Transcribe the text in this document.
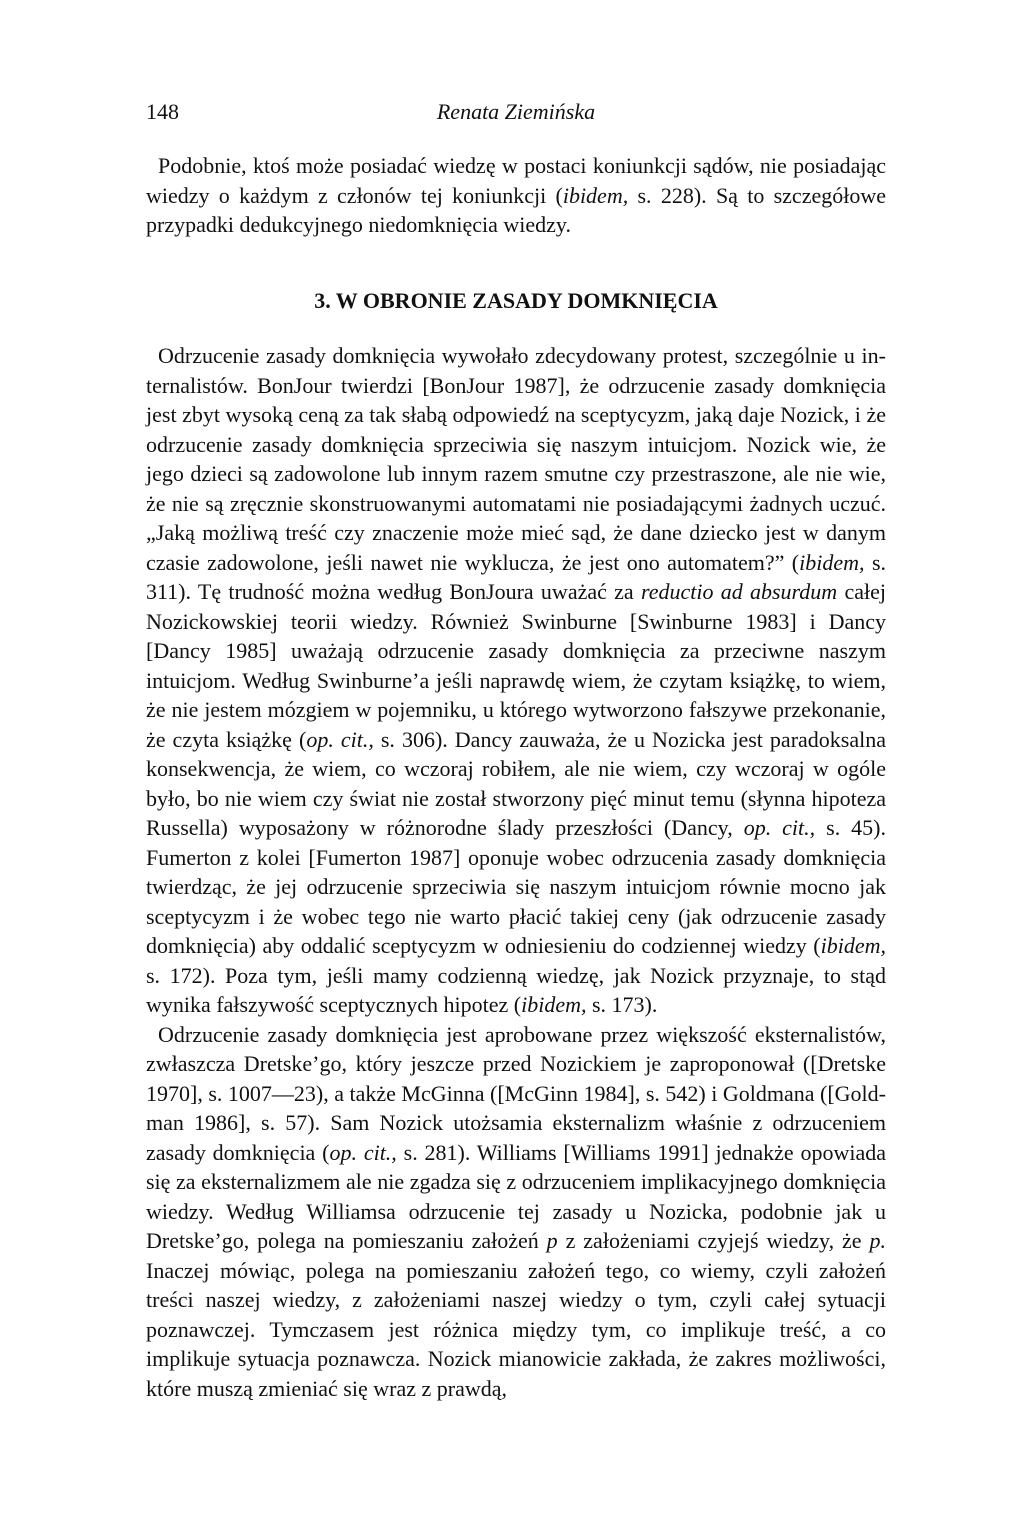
148	Renata Ziemińska

Podobnie, ktoś może posiadać wiedzę w postaci koniunkcji sądów, nie posiadając wiedzy o każdym z członów tej koniunkcji (ibidem, s. 228). Są to szczegółowe przypadki dedukcyjnego niedomknięcia wiedzy.

3. W OBRONIE ZASADY DOMKNIĘCIA

Odrzucenie zasady domknięcia wywołało zdecydowany protest, szczególnie u internalistów. BonJour twierdzi [BonJour 1987], że odrzucenie zasady domknięcia jest zbyt wysoką ceną za tak słabą odpowiedź na sceptycyzm, jaką daje Nozick, i że odrzucenie zasady domknięcia sprzeciwia się naszym intuicjom. Nozick wie, że jego dzieci są zadowolone lub innym razem smutne czy przestraszone, ale nie wie, że nie są zręcznie skonstruowanymi automatami nie posiadającymi żadnych uczuć. „Jaką możliwą treść czy znaczenie może mieć sąd, że dane dziecko jest w danym czasie zadowolone, jeśli nawet nie wyklucza, że jest ono automatem?” (ibidem, s. 311). Tę trudność można według BonJoura uważać za reductio ad absurdum całej Nozickowskiej teorii wiedzy. Również Swinburne [Swinburne 1983] i Dancy [Dancy 1985] uważają odrzucenie zasady domknięcia za przeciwne naszym intuicjom. Według Swinburne’a jeśli naprawdę wiem, że czytam książkę, to wiem, że nie jestem mózgiem w pojemniku, u którego wytworzono fałszywe przekonanie, że czyta książkę (op. cit., s. 306). Dancy zauważa, że u Nozicka jest paradoksalna konsekwencja, że wiem, co wczoraj robiłem, ale nie wiem, czy wczoraj w ogóle było, bo nie wiem czy świat nie został stworzony pięć minut temu (słynna hipoteza Russella) wyposażony w różnorodne ślady przeszłości (Dancy, op. cit., s. 45). Fumerton z kolei [Fumerton 1987] oponuje wobec odrzucenia zasady domknięcia twierdząc, że jej odrzucenie sprzeciwia się naszym intuicjom równie mocno jak sceptycyzm i że wobec tego nie warto płacić takiej ceny (jak odrzucenie zasady domknięcia) aby oddalić sceptycyzm w odniesieniu do codziennej wiedzy (ibidem, s. 172). Poza tym, jeśli mamy codzienną wiedzę, jak Nozick przyznaje, to stąd wynika fałszywość sceptycznych hipotez (ibidem, s. 173).

Odrzucenie zasady domknięcia jest aprobowane przez większość eksternalistów, zwłaszcza Dretske’go, który jeszcze przed Nozickiem je zaproponował ([Dretske 1970], s. 1007—23), a także McGinna ([McGinn 1984], s. 542) i Goldmana ([Goldman 1986], s. 57). Sam Nozick utożsamia eksternalizm właśnie z odrzuceniem zasady domknięcia (op. cit., s. 281). Williams [Williams 1991] jednakże opowiada się za eksternalizmem ale nie zgadza się z odrzuceniem implikacyjnego domknięcia wiedzy. Według Williamsa odrzucenie tej zasady u Nozicka, podobnie jak u Dretske’go, polega na pomieszaniu założeń p z założeniami czyjejś wiedzy, że p. Inaczej mówiąc, polega na pomieszaniu założeń tego, co wiemy, czyli założeń treści naszej wiedzy, z założeniami naszej wiedzy o tym, czyli całej sytuacji poznawczej. Tymczasem jest różnica między tym, co implikuje treść, a co implikuje sytuacja poznawcza. Nozick mianowicie zakłada, że zakres możliwości, które muszą zmieniać się wraz z prawdą,
